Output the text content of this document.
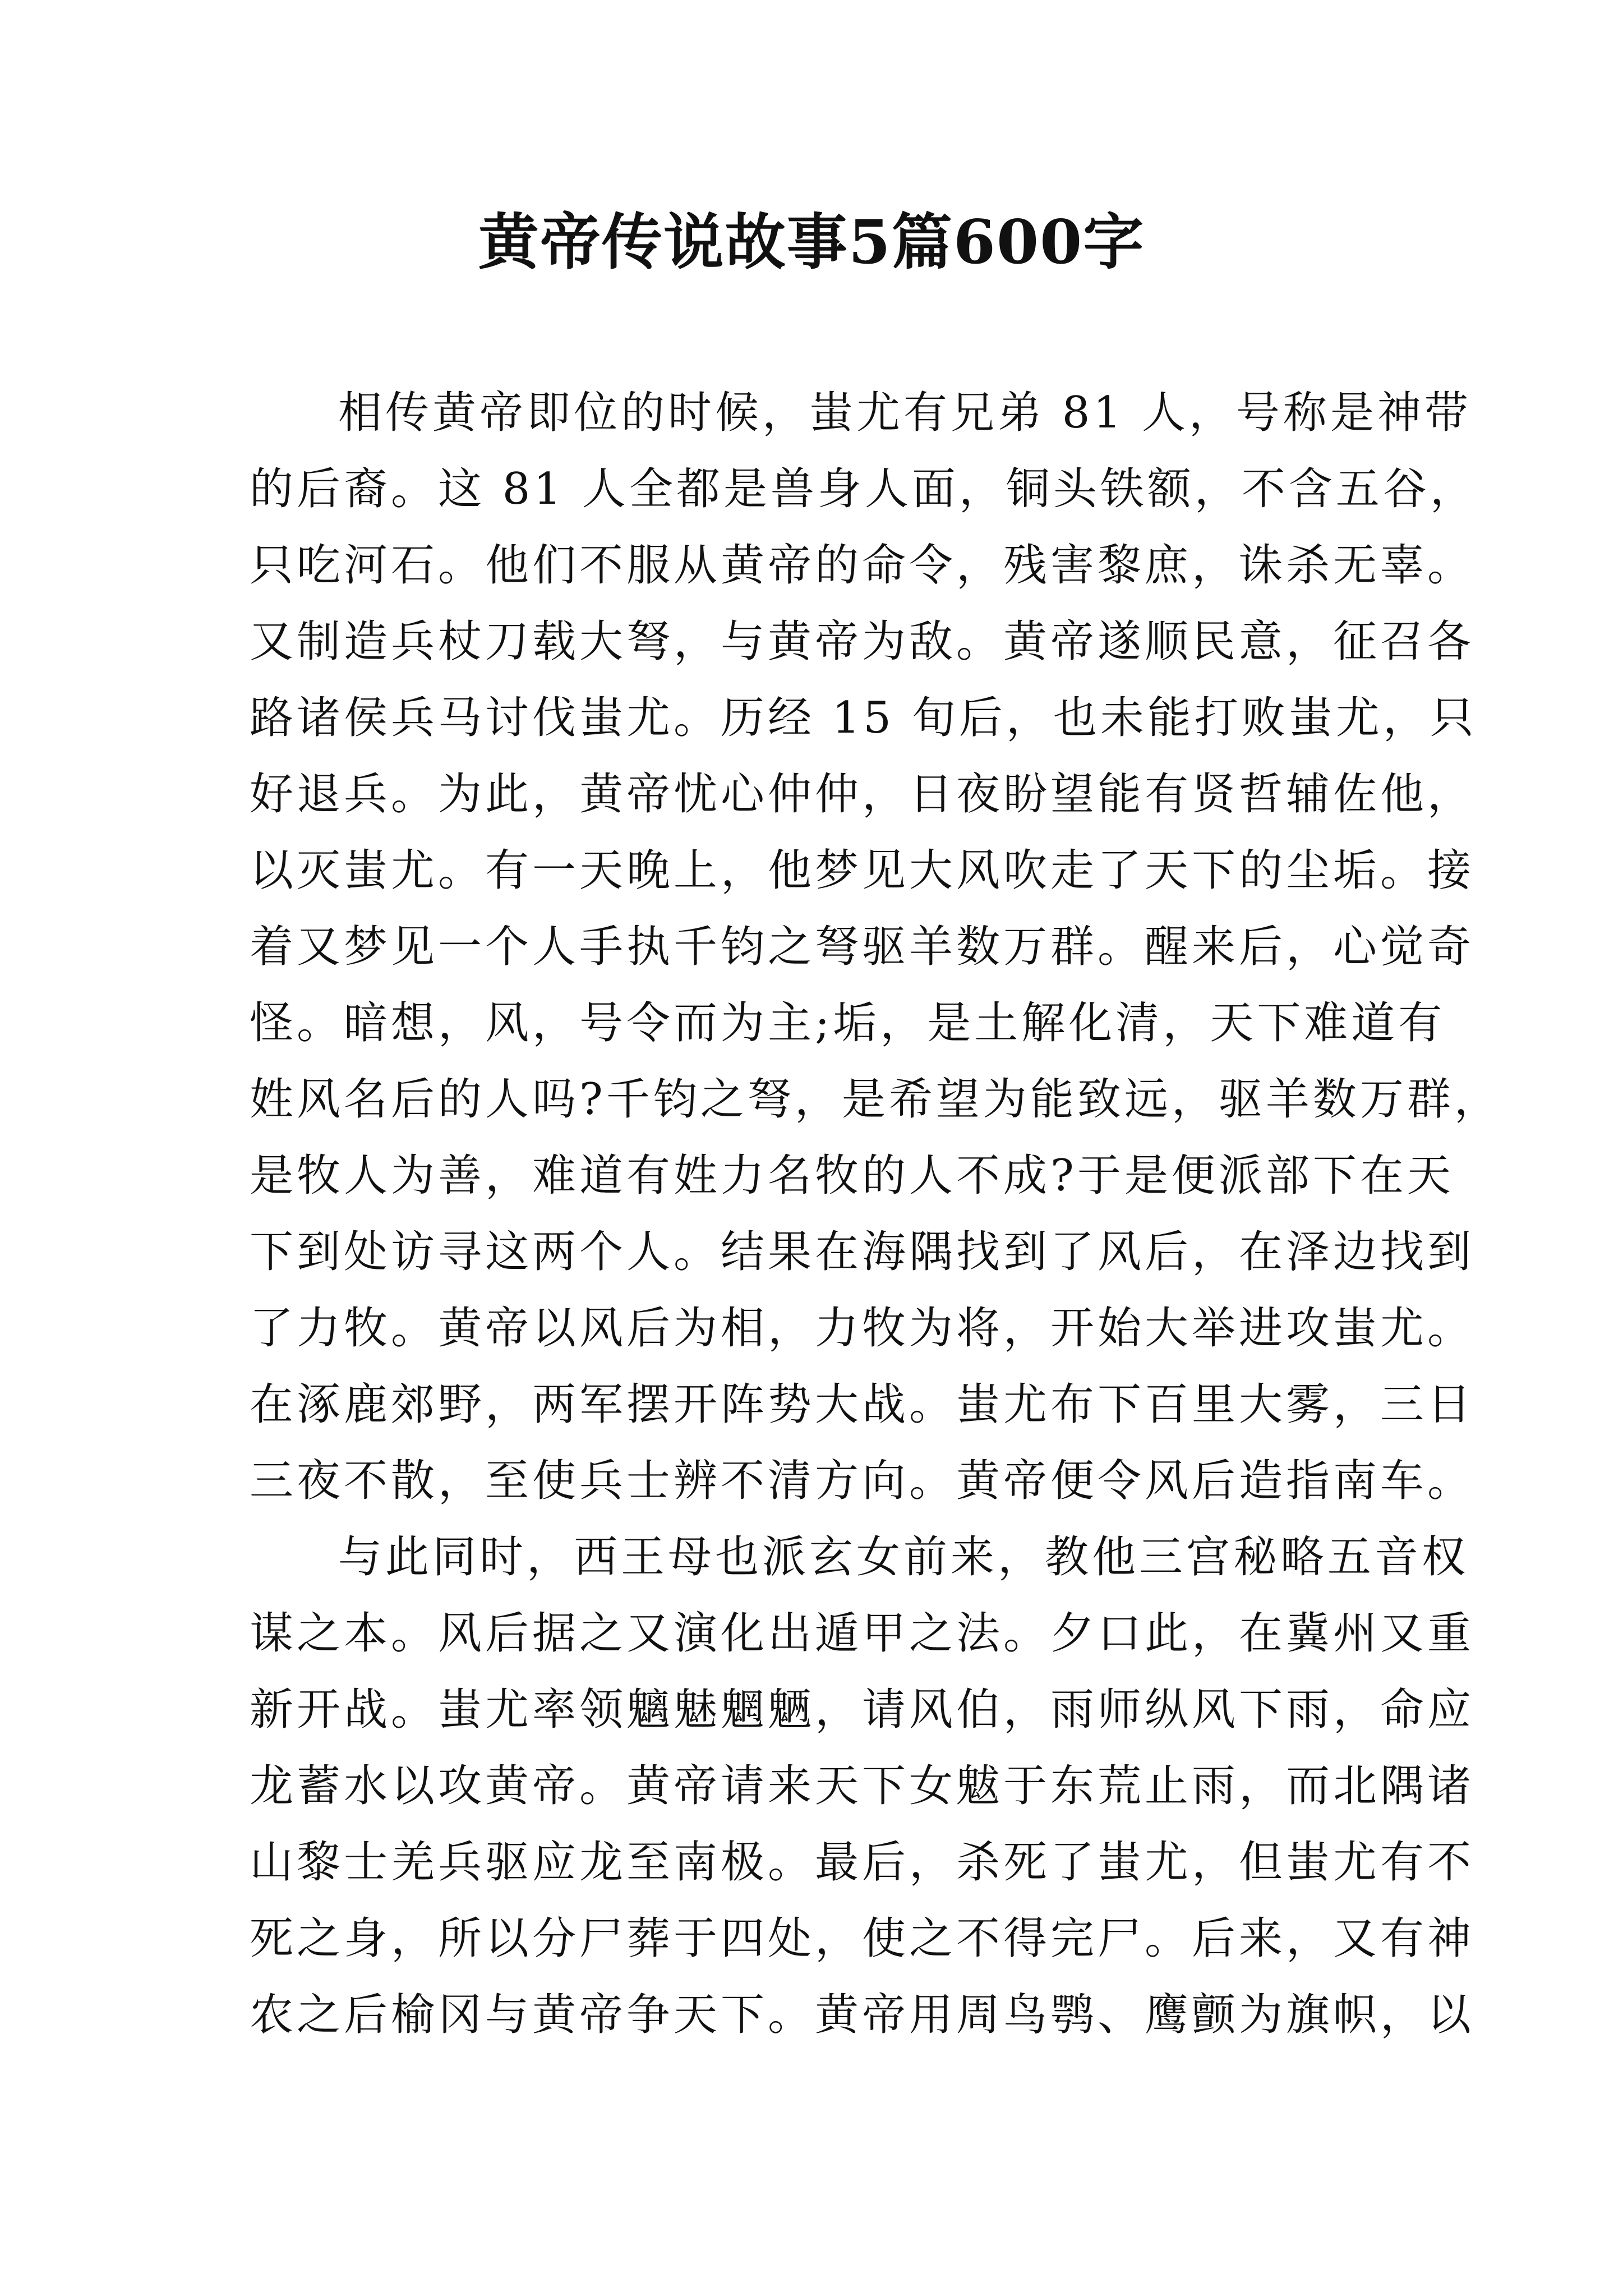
黄帝传说故事5篇600字
相传黄帝即位的时候，蚩尤有兄弟 81 人，号称是神带
的后裔。这 81 人全都是兽身人面，铜头铁额，不含五谷，
只吃河石。他们不服从黄帝的命令，残害黎庶，诛杀无辜。
又制造兵杖刀载大弩，与黄帝为敌。黄帝遂顺民意，征召各
路诸侯兵马讨伐蚩尤。历经 15 旬后，也未能打败蚩尤，只
好退兵。为此，黄帝忧心仲仲，日夜盼望能有贤哲辅佐他，
以灭蚩尤。有一天晚上，他梦见大风吹走了天下的尘垢。接
着又梦见一个人手执千钧之弩驱羊数万群。醒来后，心觉奇
怪。暗想，风，号令而为主;垢，是土解化清，天下难道有
姓风名后的人吗?千钧之弩，是希望为能致远，驱羊数万群，
是牧人为善，难道有姓力名牧的人不成?于是便派部下在天
下到处访寻这两个人。结果在海隅找到了风后，在泽边找到
了力牧。黄帝以风后为相，力牧为将，开始大举进攻蚩尤。
在涿鹿郊野，两军摆开阵势大战。蚩尤布下百里大雾，三日
三夜不散，至使兵士辨不清方向。黄帝便令风后造指南车。
与此同时，西王母也派玄女前来，教他三宫秘略五音权
谋之本。风后据之又演化出遁甲之法。夕口此，在冀州又重
新开战。蚩尤率领魑魅魍魉，请风伯，雨师纵风下雨，命应
龙蓄水以攻黄帝。黄帝请来天下女魃于东荒止雨，而北隅诸
山黎士羌兵驱应龙至南极。最后，杀死了蚩尤，但蚩尤有不
死之身，所以分尸葬于四处，使之不得完尸。后来，又有神
农之后榆冈与黄帝争天下。黄帝用周鸟鹗、鹰颤为旗帜，以
